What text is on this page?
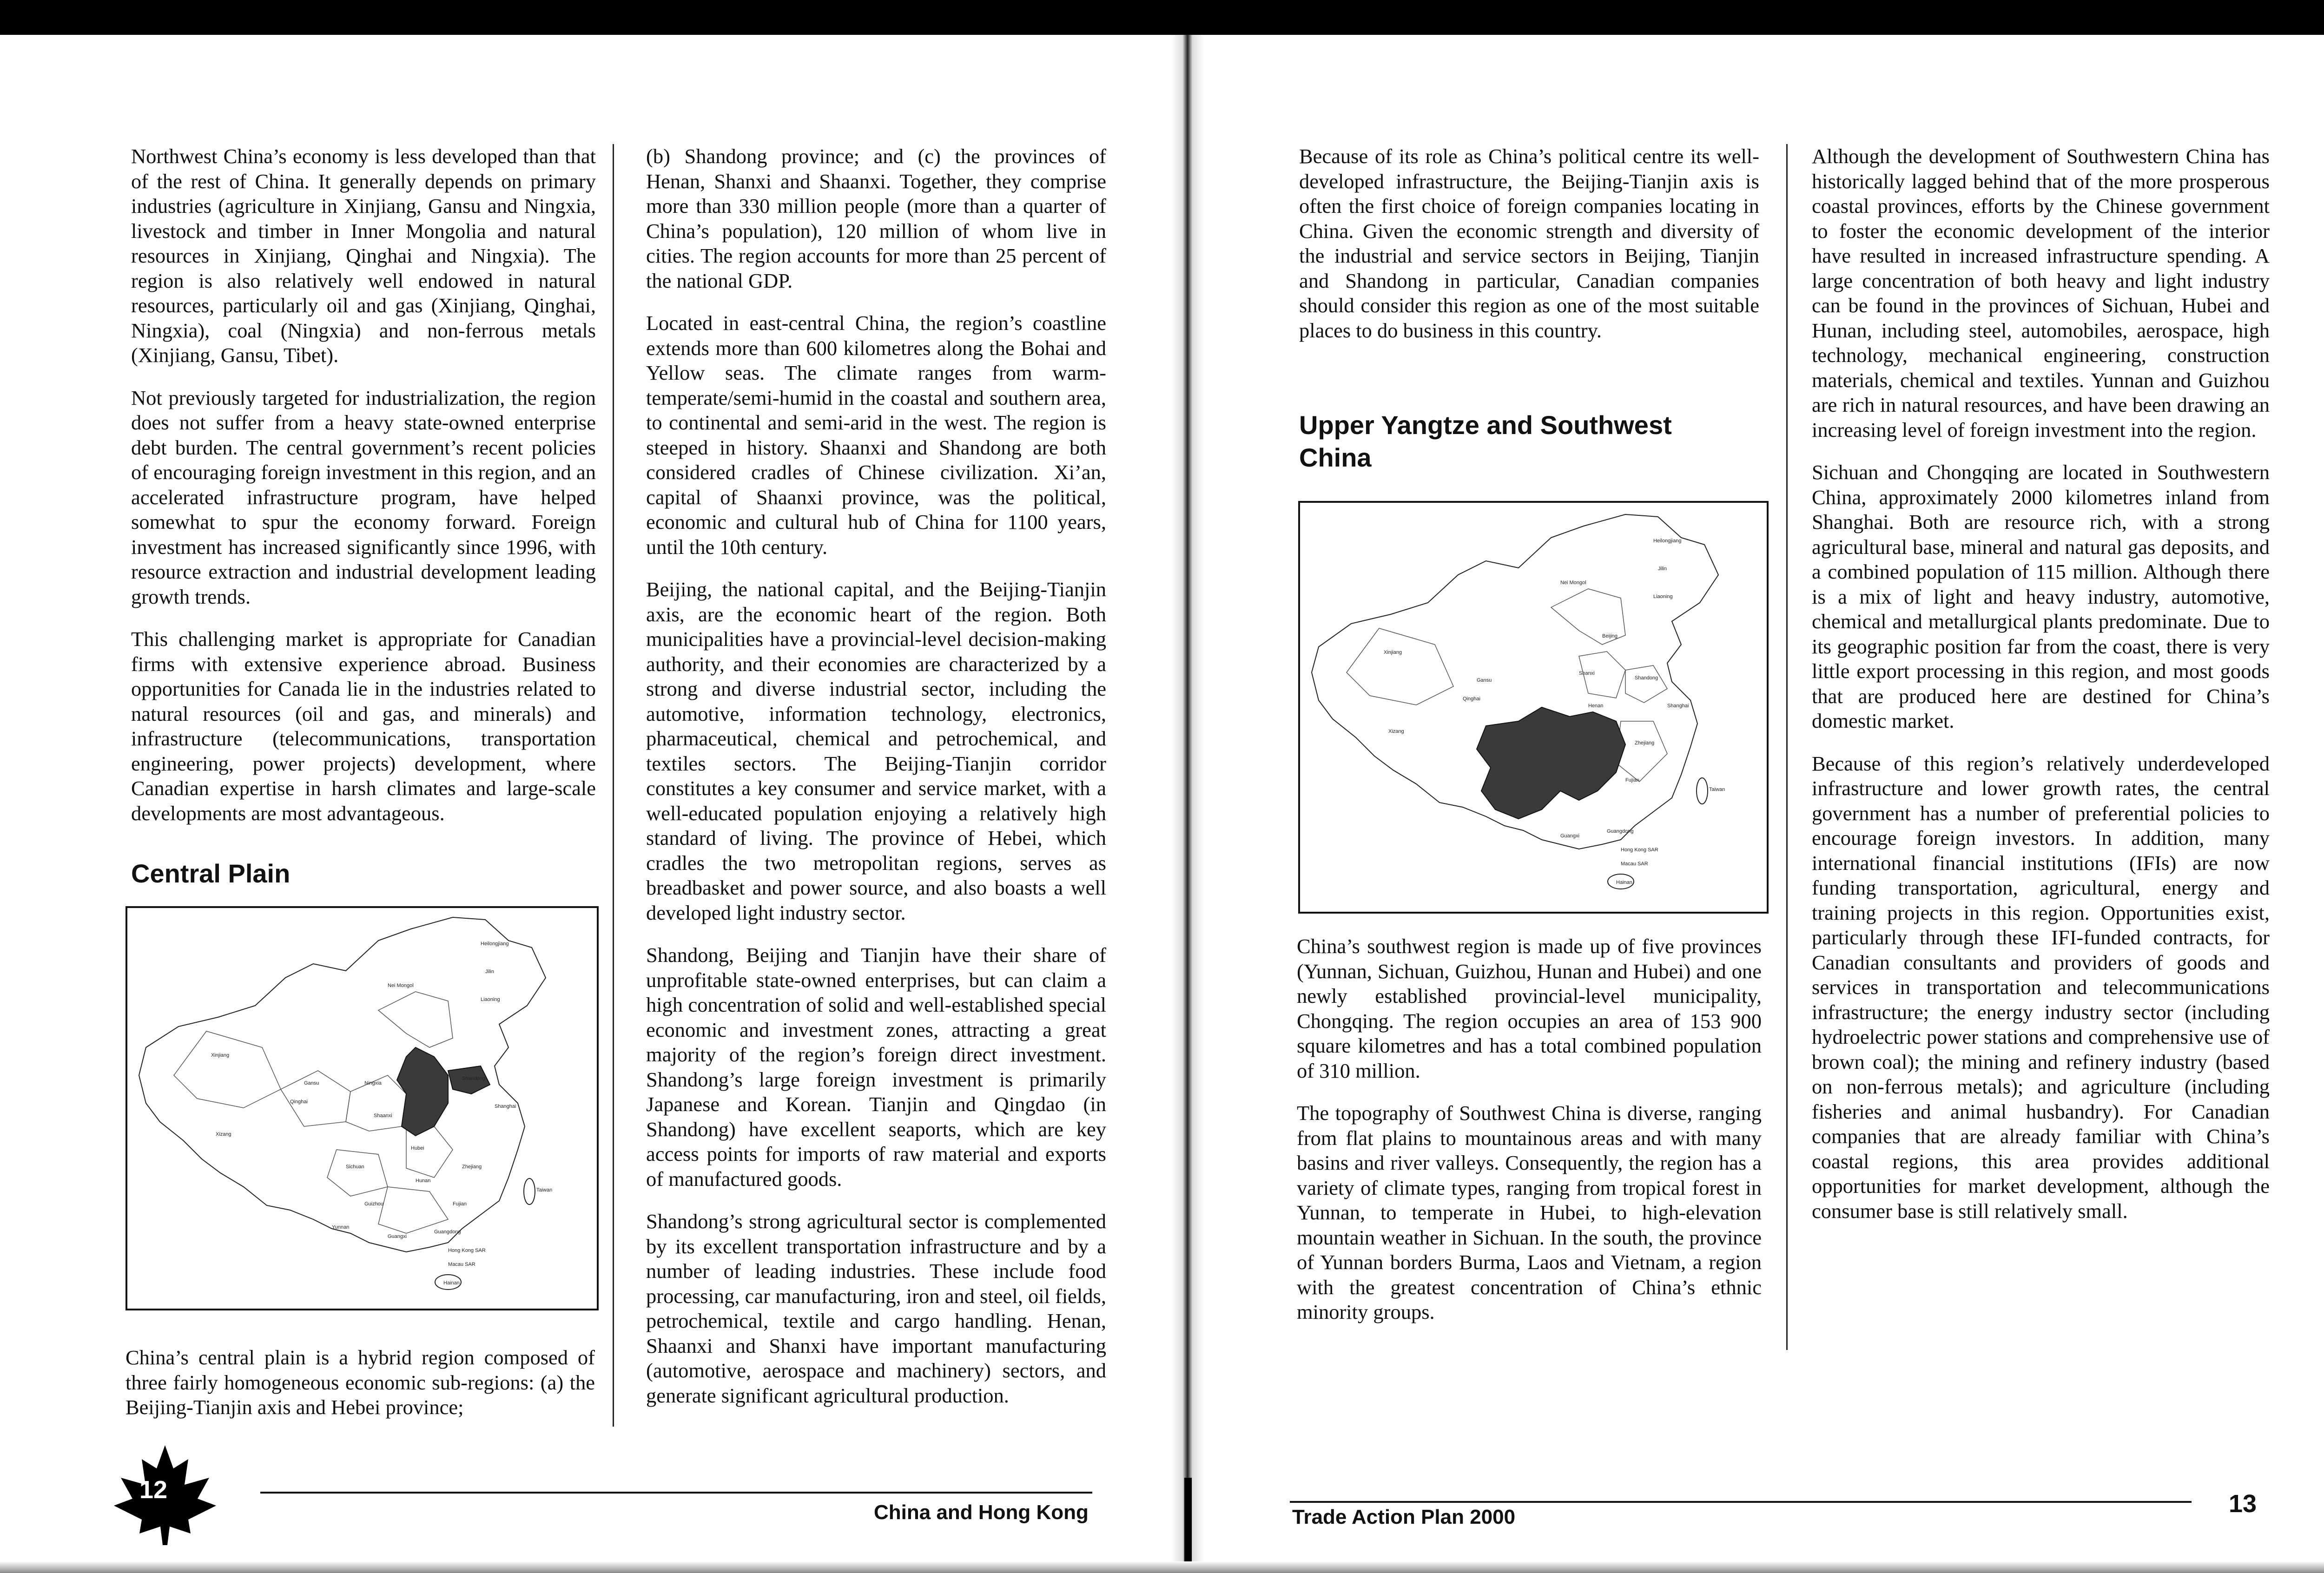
Northwest China’s economy is less developed than that of the rest of China. It generally depends on primary industries (agriculture in Xinjiang, Gansu and Ningxia, livestock and timber in Inner Mongolia and natural resources in Xinjiang, Qinghai and Ningxia). The region is also relatively well endowed in natural resources, particularly oil and gas (Xinjiang, Qinghai, Ningxia), coal (Ningxia) and non-ferrous metals (Xinjiang, Gansu, Tibet).

Not previously targeted for industrialization, the region does not suffer from a heavy state-owned enterprise debt burden. The central government’s recent policies of encouraging foreign investment in this region, and an accelerated infrastructure program, have helped somewhat to spur the economy forward. Foreign investment has increased significantly since 1996, with resource extraction and industrial development leading growth trends.

This challenging market is appropriate for Canadian firms with extensive experience abroad. Business opportunities for Canada lie in the industries related to natural resources (oil and gas, and minerals) and infrastructure (telecommunications, transportation engineering, power projects) development, where Canadian expertise in harsh climates and large-scale developments are most advantageous.

Central Plain
Heilongjiang
Jilin
Liaoning
Nei Mongol
Xinjiang
Gansu	Ningxia
Shandong
Qinghai
Shaanxi
Shanghai
Xizang
Sichuan
Hubei
Hunan
Zhejiang
Guizhou	Fujian
Taiwan
Yunnan
Guangxi
Guangdong
Hong Kong SAR
Macau SAR
Hainan

China’s central plain is a hybrid region composed of three fairly homogeneous economic sub-regions: (a) the Beijing-Tianjin axis and Hebei province;

(b) Shandong province; and (c) the provinces of Henan, Shanxi and Shaanxi. Together, they comprise more than 330 million people (more than a quarter of China’s population), 120 million of whom live in cities. The region accounts for more than 25 percent of the national GDP.

Located in east-central China, the region’s coastline extends more than 600 kilometres along the Bohai and Yellow seas. The climate ranges from warm-temperate/semi-humid in the coastal and southern area, to continental and semi-arid in the west. The region is steeped in history. Shaanxi and Shandong are both considered cradles of Chinese civilization. Xi’an, capital of Shaanxi province, was the political, economic and cultural hub of China for 1100 years, until the 10th century.

Beijing, the national capital, and the Beijing-Tianjin axis, are the economic heart of the region. Both municipalities have a provincial-level decision-making authority, and their economies are characterized by a strong and diverse industrial sector, including the automotive, information technology, electronics, pharmaceutical, chemical and petrochemical, and textiles sectors. The Beijing-Tianjin corridor constitutes a key consumer and service market, with a well-educated population enjoying a relatively high standard of living. The province of Hebei, which cradles the two metropolitan regions, serves as breadbasket and power source, and also boasts a well developed light industry sector.

Shandong, Beijing and Tianjin have their share of unprofitable state-owned enterprises, but can claim a high concentration of solid and well-established special economic and investment zones, attracting a great majority of the region’s foreign direct investment. Shandong’s large foreign investment is primarily Japanese and Korean. Tianjin and Qingdao (in Shandong) have excellent seaports, which are key access points for imports of raw material and exports of manufactured goods.

Shandong’s strong agricultural sector is complemented by its excellent transportation infrastructure and by a number of leading industries. These include food processing, car manufacturing, iron and steel, oil fields, petrochemical, textile and cargo handling. Henan, Shaanxi and Shanxi have important manufacturing (automotive, aerospace and machinery) sectors, and generate significant agricultural production.

12
China and Hong Kong

Because of its role as China’s political centre its well-developed infrastructure, the Beijing-Tianjin axis is often the first choice of foreign companies locating in China. Given the economic strength and diversity of the industrial and service sectors in Beijing, Tianjin and Shandong in particular, Canadian companies should consider this region as one of the most suitable places to do business in this country.

Upper Yangtze and Southwest China
Heilongjiang
Jilin
Liaoning
Nei Mongol
Xinjiang
Gansu
Beijing
Shandong
Qinghai
Shanxi
Henan	Shanghai
Xizang
Zhejiang
Fujian
Taiwan
Guangxi
Guangdong
Hong Kong SAR
Macau SAR
Hainan

China’s southwest region is made up of five provinces (Yunnan, Sichuan, Guizhou, Hunan and Hubei) and one newly established provincial-level municipality, Chongqing. The region occupies an area of 153 900 square kilometres and has a total combined population of 310 million.

The topography of Southwest China is diverse, ranging from flat plains to mountainous areas and with many basins and river valleys. Consequently, the region has a variety of climate types, ranging from tropical forest in Yunnan, to temperate in Hubei, to high-elevation mountain weather in Sichuan. In the south, the province of Yunnan borders Burma, Laos and Vietnam, a region with the greatest concentration of China’s ethnic minority groups.

Although the development of Southwestern China has historically lagged behind that of the more prosperous coastal provinces, efforts by the Chinese government to foster the economic development of the interior have resulted in increased infrastructure spending. A large concentration of both heavy and light industry can be found in the provinces of Sichuan, Hubei and Hunan, including steel, automobiles, aerospace, high technology, mechanical engineering, construction materials, chemical and textiles. Yunnan and Guizhou are rich in natural resources, and have been drawing an increasing level of foreign investment into the region.

Sichuan and Chongqing are located in Southwestern China, approximately 2000 kilometres inland from Shanghai. Both are resource rich, with a strong agricultural base, mineral and natural gas deposits, and a combined population of 115 million. Although there is a mix of light and heavy industry, automotive, chemical and metallurgical plants predominate. Due to its geographic position far from the coast, there is very little export processing in this region, and most goods that are produced here are destined for China’s domestic market.

Because of this region’s relatively underdeveloped infrastructure and lower growth rates, the central government has a number of preferential policies to encourage foreign investors. In addition, many international financial institutions (IFIs) are now funding transportation, agricultural, energy and training projects in this region. Opportunities exist, particularly through these IFI-funded contracts, for Canadian consultants and providers of goods and services in transportation and telecommunications infrastructure; the energy industry sector (including hydroelectric power stations and comprehensive use of brown coal); the mining and refinery industry (based on non-ferrous metals); and agriculture (including fisheries and animal husbandry). For Canadian companies that are already familiar with China’s coastal regions, this area provides additional opportunities for market development, although the consumer base is still relatively small.

Trade Action Plan 2000	13
